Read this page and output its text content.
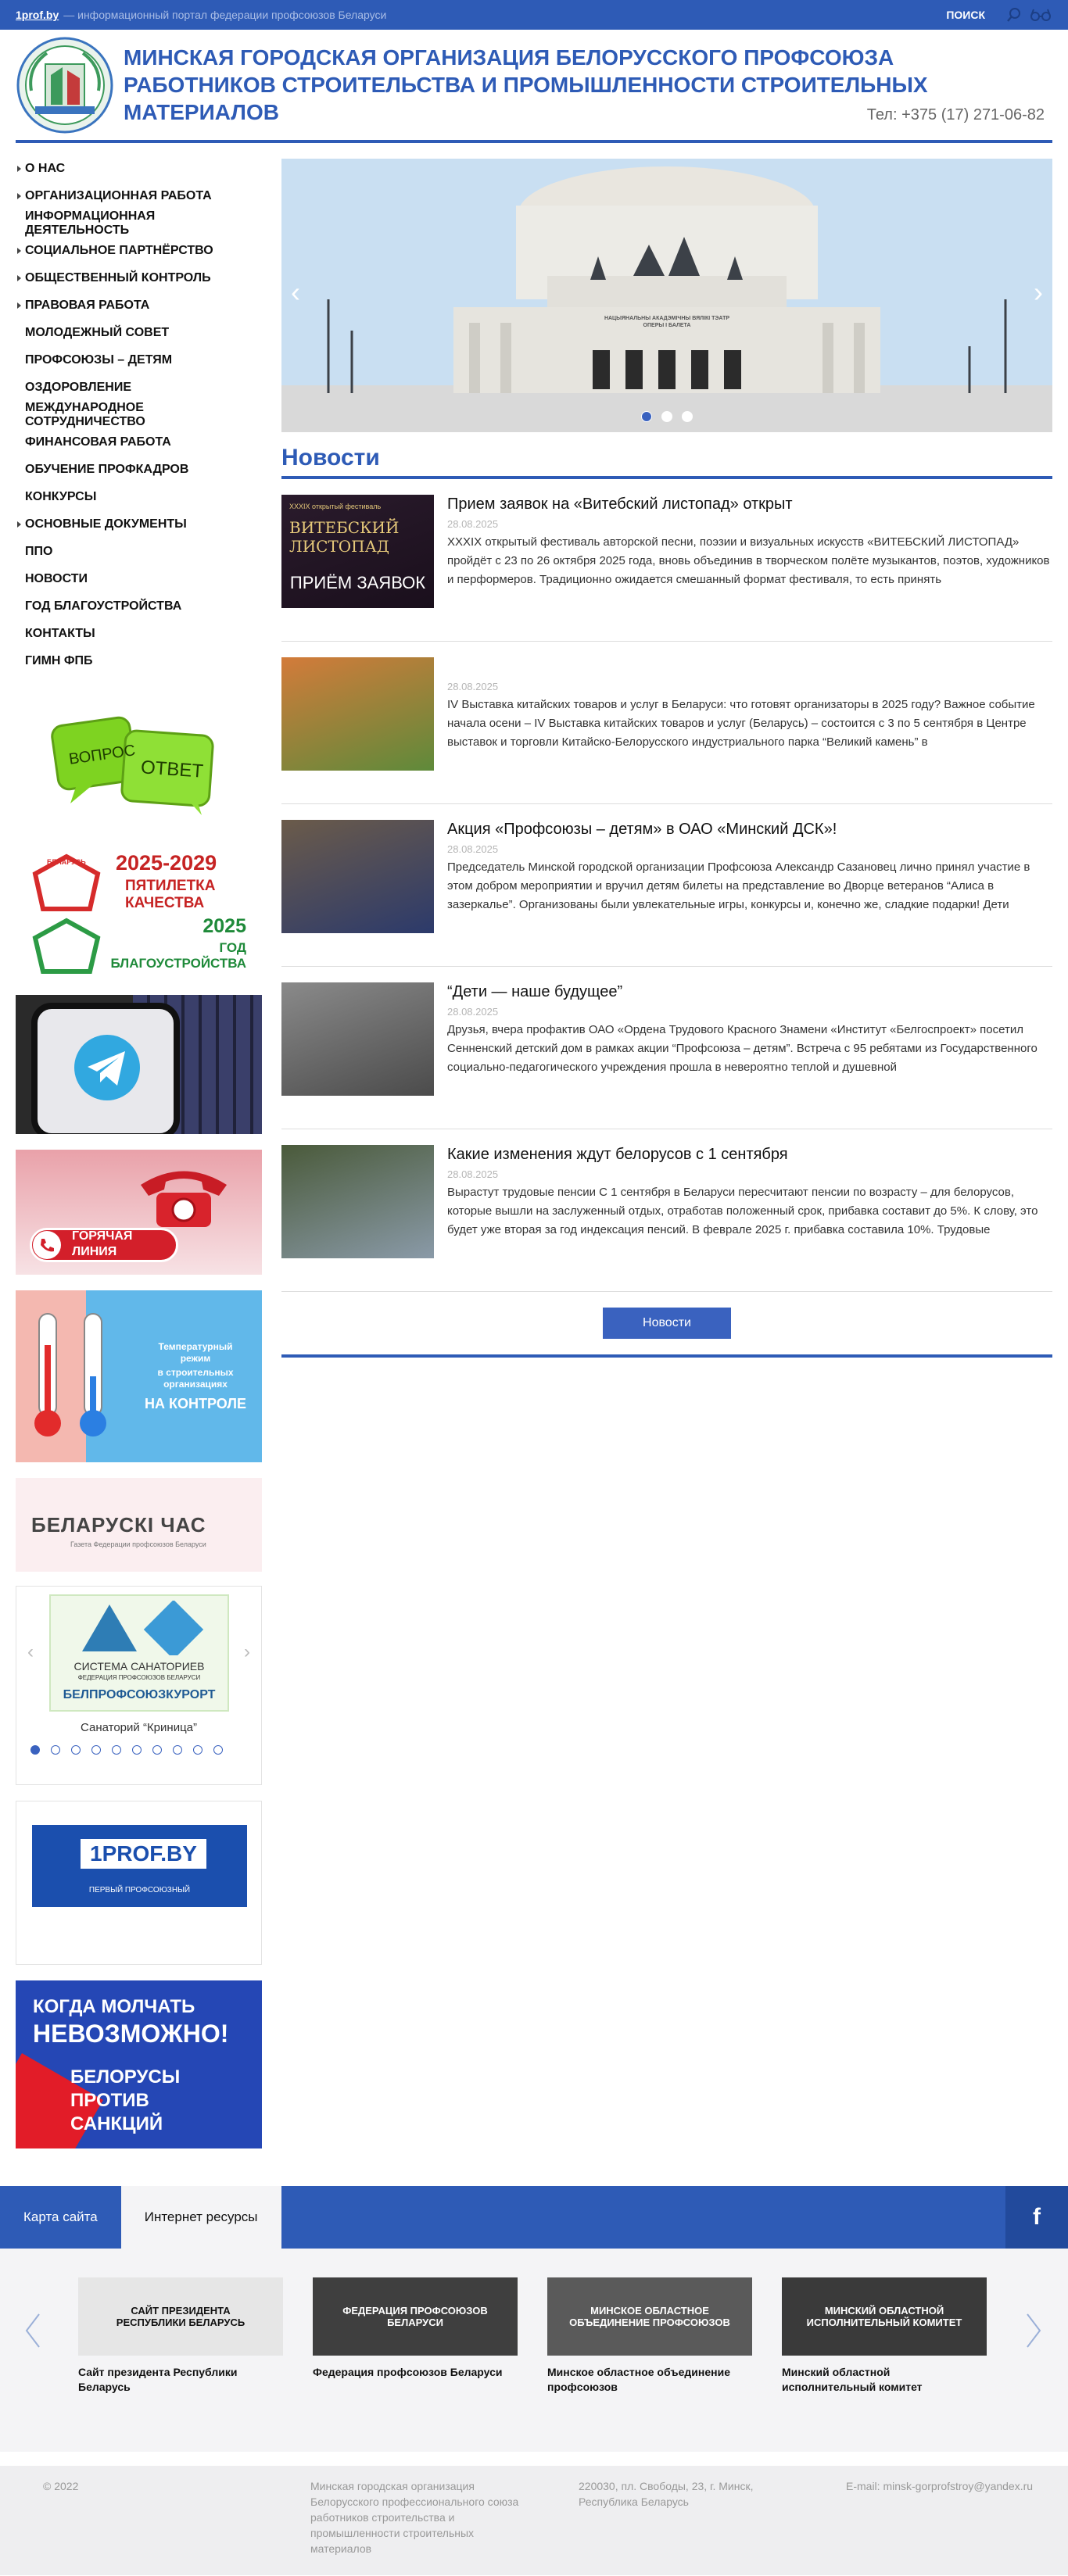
1prof.by — информационный портал федерации профсоюзов Беларуси	ПОИСК
МИНСКАЯ ГОРОДСКАЯ ОРГАНИЗАЦИЯ БЕЛОРУССКОГО ПРОФСОЮЗА РАБОТНИКОВ СТРОИТЕЛЬСТВА И ПРОМЫШЛЕННОСТИ СТРОИТЕЛЬНЫХ МАТЕРИАЛОВ	Тел: +375 (17) 271-06-82
О НАС
ОРГАНИЗАЦИОННАЯ РАБОТА
ИНФОРМАЦИОННАЯ ДЕЯТЕЛЬНОСТЬ
СОЦИАЛЬНОЕ ПАРТНЁРСТВО
ОБЩЕСТВЕННЫЙ КОНТРОЛЬ
ПРАВОВАЯ РАБОТА
МОЛОДЕЖНЫЙ СОВЕТ
ПРОФСОЮЗЫ – ДЕТЯМ
ОЗДОРОВЛЕНИЕ
МЕЖДУНАРОДНОЕ СОТРУДНИЧЕСТВО
ФИНАНСОВАЯ РАБОТА
ОБУЧЕНИЕ ПРОФКАДРОВ
КОНКУРСЫ
ОСНОВНЫЕ ДОКУМЕНТЫ
ППО
НОВОСТИ
ГОД БЛАГОУСТРОЙСТВА
КОНТАКТЫ
ГИМН ФПБ
ВОПРОС
ОТВЕТ
БЕЛАРУСЬ 2025-2029
ПЯТИЛЕТКА
КАЧЕСТВА
2025
ГОД
БЛАГОУСТРОЙСТВА
ГОРЯЧАЯ
ЛИНИЯ
Температурный
режим
в строительных
организациях
НА КОНТРОЛЕ
БЕЛАРУСКІ ЧАС
Газета Федерации профсоюзов Беларуси
СИСТЕМА САНАТОРИЕВ
ФЕДЕРАЦИЯ ПРОФСОЮЗОВ БЕЛАРУСИ
БЕЛПРОФСОЮЗКУРОРТ
‹	›
Санаторий “Криница”
1PROF.BY
ПЕРВЫЙ ПРОФСОЮЗНЫЙ
КОГДА МОЛЧАТЬ
НЕВОЗМОЖНО!
БЕЛОРУСЫ
ПРОТИВ
САНКЦИЙ
НАЦЫЯНАЛЬНЫ АКАДЭМІЧНЫ ВЯЛІКІ ТЭАТР ОПЕРЫ І БАЛЕТА
‹	›
Новости
XXXIX открытый фестиваль
ВИТЕБСКИЙ ЛИСТОПАД
ПРИЁМ ЗАЯВОК
Прием заявок на «Витебский листопад» открыт
28.08.2025
XXXIX открытый фестиваль авторской песни, поэзии и визуальных искусств «ВИТЕБСКИЙ ЛИСТОПАД» пройдёт с 23 по 26 октября 2025 года, вновь объединив в творческом полёте музыкантов, поэтов, художников и перформеров. Традиционно ожидается смешанный формат фестиваля, то есть принять
28.08.2025
IV Выставка китайских товаров и услуг в Беларуси: что готовят организаторы в 2025 году? Важное событие начала осени – IV Выставка китайских товаров и услуг (Беларусь) – состоится с 3 по 5 сентября в Центре выставок и торговли Китайско-Белорусского индустриального парка “Великий камень” в
Акция «Профсоюзы – детям» в ОАО «Минский ДСК»!
28.08.2025
Председатель Минской городской организации Профсоюза Александр Сазановец лично принял участие в этом добром мероприятии и вручил детям билеты на представление во Дворце ветеранов “Алиса в зазеркалье”. Организованы были увлекательные игры, конкурсы и, конечно же, сладкие подарки! Дети
“Дети — наше будущее”
28.08.2025
Друзья, вчера профактив ОАО «Ордена Трудового Красного Знамени «Институт «Белгоспроект» посетил Сенненский детский дом в рамках акции “Профсоюза – детям”. Встреча с 95 ребятами из Государственного социально-педагогического учреждения прошла в невероятно теплой и душевной
Какие изменения ждут белорусов с 1 сентября
28.08.2025
Вырастут трудовые пенсии С 1 сентября в Беларуси пересчитают пенсии по возрасту – для белорусов, которые вышли на заслуженный отдых, отработав положенный срок, прибавка составит до 5%. К слову, это будет уже вторая за год индексация пенсий. В феврале 2025 г. прибавка составила 10%. Трудовые
Новости
Карта сайта	Интернет ресурсы	f
САЙТ ПРЕЗИДЕНТА
РЕСПУБЛИКИ БЕЛАРУСЬ
Сайт президента Республики Беларусь
ФЕДЕРАЦИЯ ПРОФСОЮЗОВ
БЕЛАРУСИ
Федерация профсоюзов Беларуси
МИНСКОЕ ОБЛАСТНОЕ
ОБЪЕДИНЕНИЕ ПРОФСОЮЗОВ
Минское областное объединение профсоюзов
МИНСКИЙ ОБЛАСТНОЙ
ИСПОЛНИТЕЛЬНЫЙ КОМИТЕТ
Минский областной исполнительный комитет
© 2022	Минская городская организация Белорусского профессионального союза работников строительства и промышленности строительных материалов
220030, пл. Свободы, 23, г. Минск, Республика Беларусь
E-mail: minsk-gorprofstroy@yandex.ru
